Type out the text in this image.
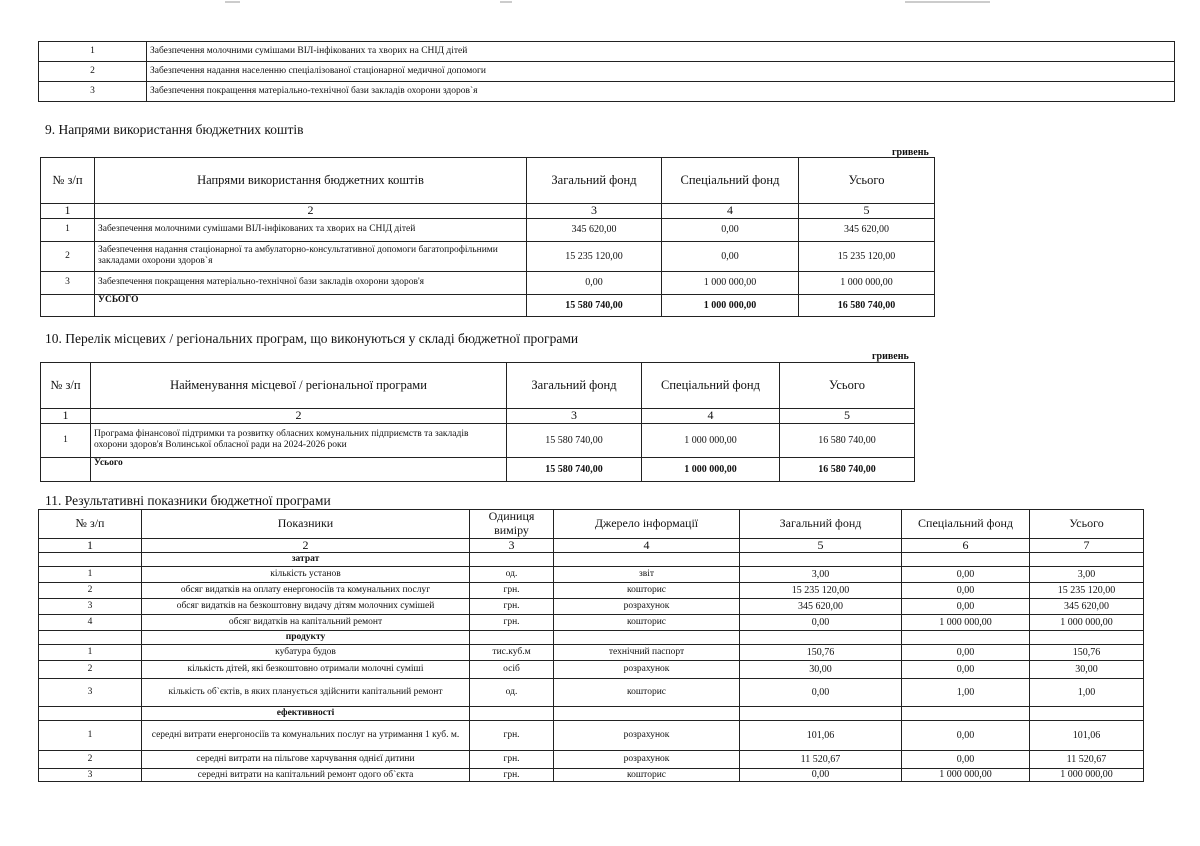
1	Забезпечення молочними сумішами ВІЛ-інфікованих та хворих на СНІД дітей
2	Забезпечення надання населенню спеціалізованої стаціонарної медичної допомоги
3	Забезпечення покращення матеріально-технічної бази закладів охорони здоров`я
9. Напрями використання бюджетних коштів
гривень
№ з/п	Напрями використання бюджетних коштів	Загальний фонд	Спеціальний фонд	Усього
1	2	3	4	5
1	Забезпечення молочними сумішами ВІЛ-інфікованих та хворих на СНІД дітей	345 620,00	0,00	345 620,00
2	Забезпечення надання стаціонарної та амбулаторно-консультативної допомоги багатопрофільними закладами охорони здоров`я	15 235 120,00	0,00	15 235 120,00
3	Забезпечення покращення матеріально-технічної бази закладів охорони здоров'я	0,00	1 000 000,00	1 000 000,00
	УСЬОГО	15 580 740,00	1 000 000,00	16 580 740,00
10. Перелік місцевих / регіональних програм, що виконуються у складі бюджетної програми
гривень
№ з/п	Найменування місцевої / регіональної програми	Загальний фонд	Спеціальний фонд	Усього
1	2	3	4	5
1	Програма фінансової підтримки та розвитку обласних комунальних підприємств та закладів охорони здоров'я Волинської обласної ради на 2024-2026 роки	15 580 740,00	1 000 000,00	16 580 740,00
	Усього	15 580 740,00	1 000 000,00	16 580 740,00
11. Результативні показники бюджетної програми
№ з/п	Показники	Одиниця виміру	Джерело інформації	Загальний фонд	Спеціальний фонд	Усього
1	2	3	4	5	6	7
	затрат					
1	кількість установ	од.	звіт	3,00	0,00	3,00
2	обсяг видатків на оплату енергоносіїв та комунальних послуг	грн.	кошторис	15 235 120,00	0,00	15 235 120,00
3	обсяг видатків на безкоштовну видачу дітям молочних сумішей	грн.	розрахунок	345 620,00	0,00	345 620,00
4	обсяг видатків на капітальний ремонт	грн.	кошторис	0,00	1 000 000,00	1 000 000,00
	продукту					
1	кубатура будов	тис.куб.м	технічний паспорт	150,76	0,00	150,76
2	кількість дітей, які безкоштовно отримали молочні суміші	осіб	розрахунок	30,00	0,00	30,00
3	кількість об`єктів, в яких планується здійснити капітальний ремонт	од.	кошторис	0,00	1,00	1,00
	ефективності					
1	середні витрати енергоносіїв та комунальних послуг на утримання 1 куб. м.	грн.	розрахунок	101,06	0,00	101,06
2	середні витрати на пільгове харчування однієї дитини	грн.	розрахунок	11 520,67	0,00	11 520,67
3	середні витрати на капітальний ремонт одого об`єкта	грн.	кошторис	0,00	1 000 000,00	1 000 000,00
